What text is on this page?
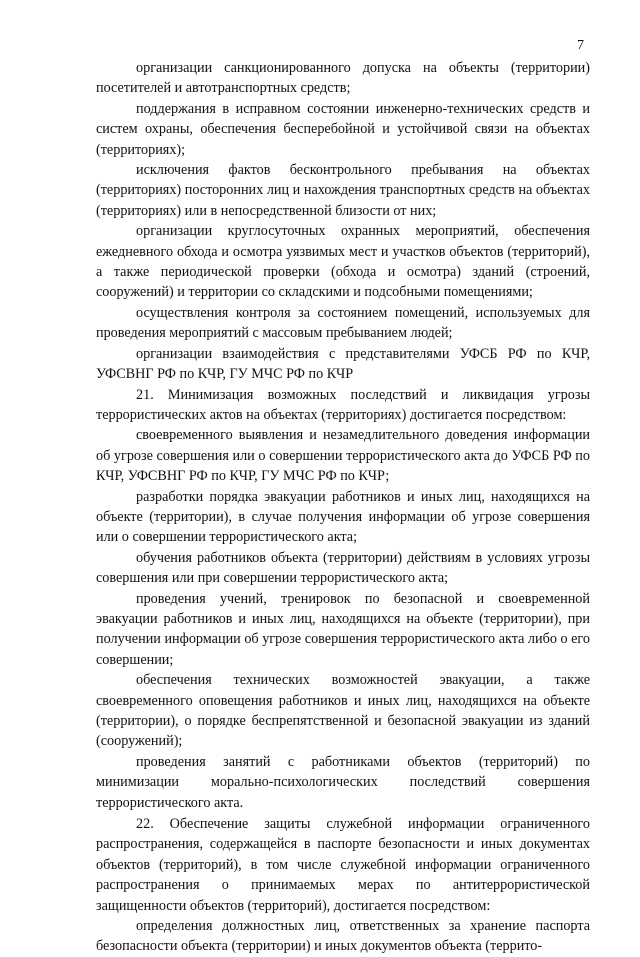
7

организации санкционированного допуска на объекты (территории) посетителей и автотранспортных средств;

поддержания в исправном состоянии инженерно-технических средств и систем охраны, обеспечения бесперебойной и устойчивой связи на объектах (территориях);

исключения фактов бесконтрольного пребывания на объектах (территориях) посторонних лиц и нахождения транспортных средств на объектах (территориях) или в непосредственной близости от них;

организации круглосуточных охранных мероприятий, обеспечения ежедневного обхода и осмотра уязвимых мест и участков объектов (территорий), а также периодической проверки (обхода и осмотра) зданий (строений, сооружений) и территории со складскими и подсобными помещениями;

осуществления контроля за состоянием помещений, используемых для проведения мероприятий с массовым пребыванием людей;

организации взаимодействия с представителями УФСБ РФ по КЧР, УФСВНГ РФ по КЧР, ГУ МЧС РФ по КЧР

21. Минимизация возможных последствий и ликвидация угрозы террористических актов на объектах (территориях) достигается посредством:

своевременного выявления и незамедлительного доведения информации об угрозе совершения или о совершении террористического акта до УФСБ РФ по КЧР, УФСВНГ РФ по КЧР, ГУ МЧС РФ по КЧР;

разработки порядка эвакуации работников и иных лиц, находящихся на объекте (территории), в случае получения информации об угрозе совершения или о совершении террористического акта;

обучения работников объекта (территории) действиям в условиях угрозы совершения или при совершении террористического акта;

проведения учений, тренировок по безопасной и своевременной эвакуации работников и иных лиц, находящихся на объекте (территории), при получении информации об угрозе совершения террористического акта либо о его совершении;

обеспечения технических возможностей эвакуации, а также своевременного оповещения работников и иных лиц, находящихся на объекте (территории), о порядке беспрепятственной и безопасной эвакуации из зданий (сооружений);

проведения занятий с работниками объектов (территорий) по минимизации морально-психологических последствий совершения террористического акта.

22. Обеспечение защиты служебной информации ограниченного распространения, содержащейся в паспорте безопасности и иных документах объектов (территорий), в том числе служебной информации ограниченного распространения о принимаемых мерах по антитеррористической защищенности объектов (территорий), достигается посредством:

определения должностных лиц, ответственных за хранение паспорта безопасности объекта (территории) и иных документов объекта (террито-
